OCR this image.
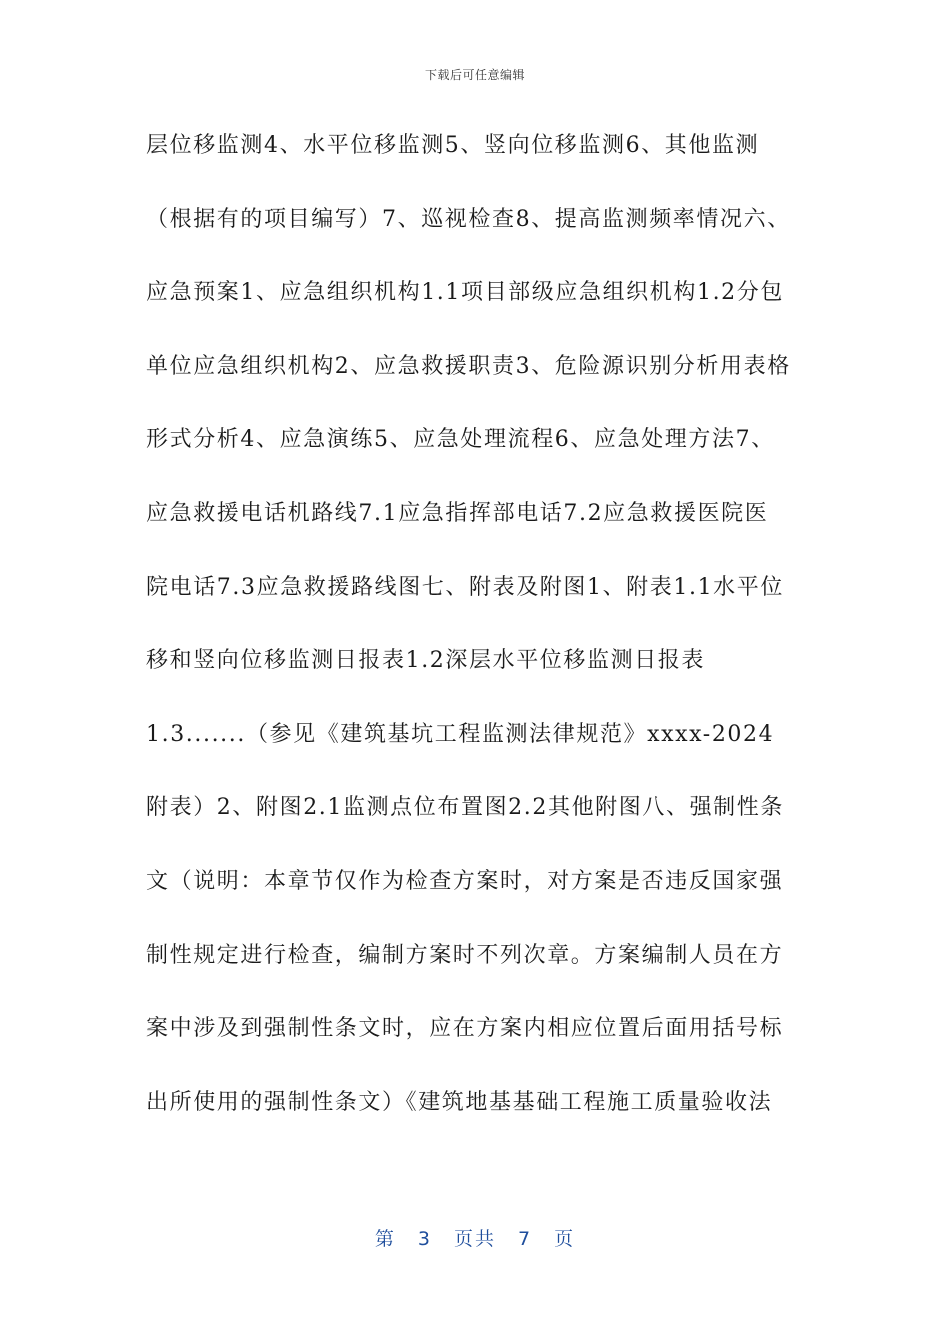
下载后可任意编辑
层位移监测4、水平位移监测5、竖向位移监测6、其他监测
（根据有的项目编写）7、巡视检查8、提高监测频率情况六、
应急预案1、应急组织机构1.1项目部级应急组织机构1.2分包
单位应急组织机构2、应急救援职责3、危险源识别分析用表格
形式分析4、应急演练5、应急处理流程6、应急处理方法7、
应急救援电话机路线7.1应急指挥部电话7.2应急救援医院医
院电话7.3应急救援路线图七、附表及附图1、附表1.1水平位
移和竖向位移监测日报表1.2深层水平位移监测日报表
1.3.......（参见《建筑基坑工程监测法律规范》xxxx-2024
附表）2、附图2.1监测点位布置图2.2其他附图八、强制性条
文（说明：本章节仅作为检查方案时，对方案是否违反国家强
制性规定进行检查，编制方案时不列次章。方案编制人员在方
案中涉及到强制性条文时，应在方案内相应位置后面用括号标
出所使用的强制性条文）《建筑地基基础工程施工质量验收法
第 3 页共 7 页
